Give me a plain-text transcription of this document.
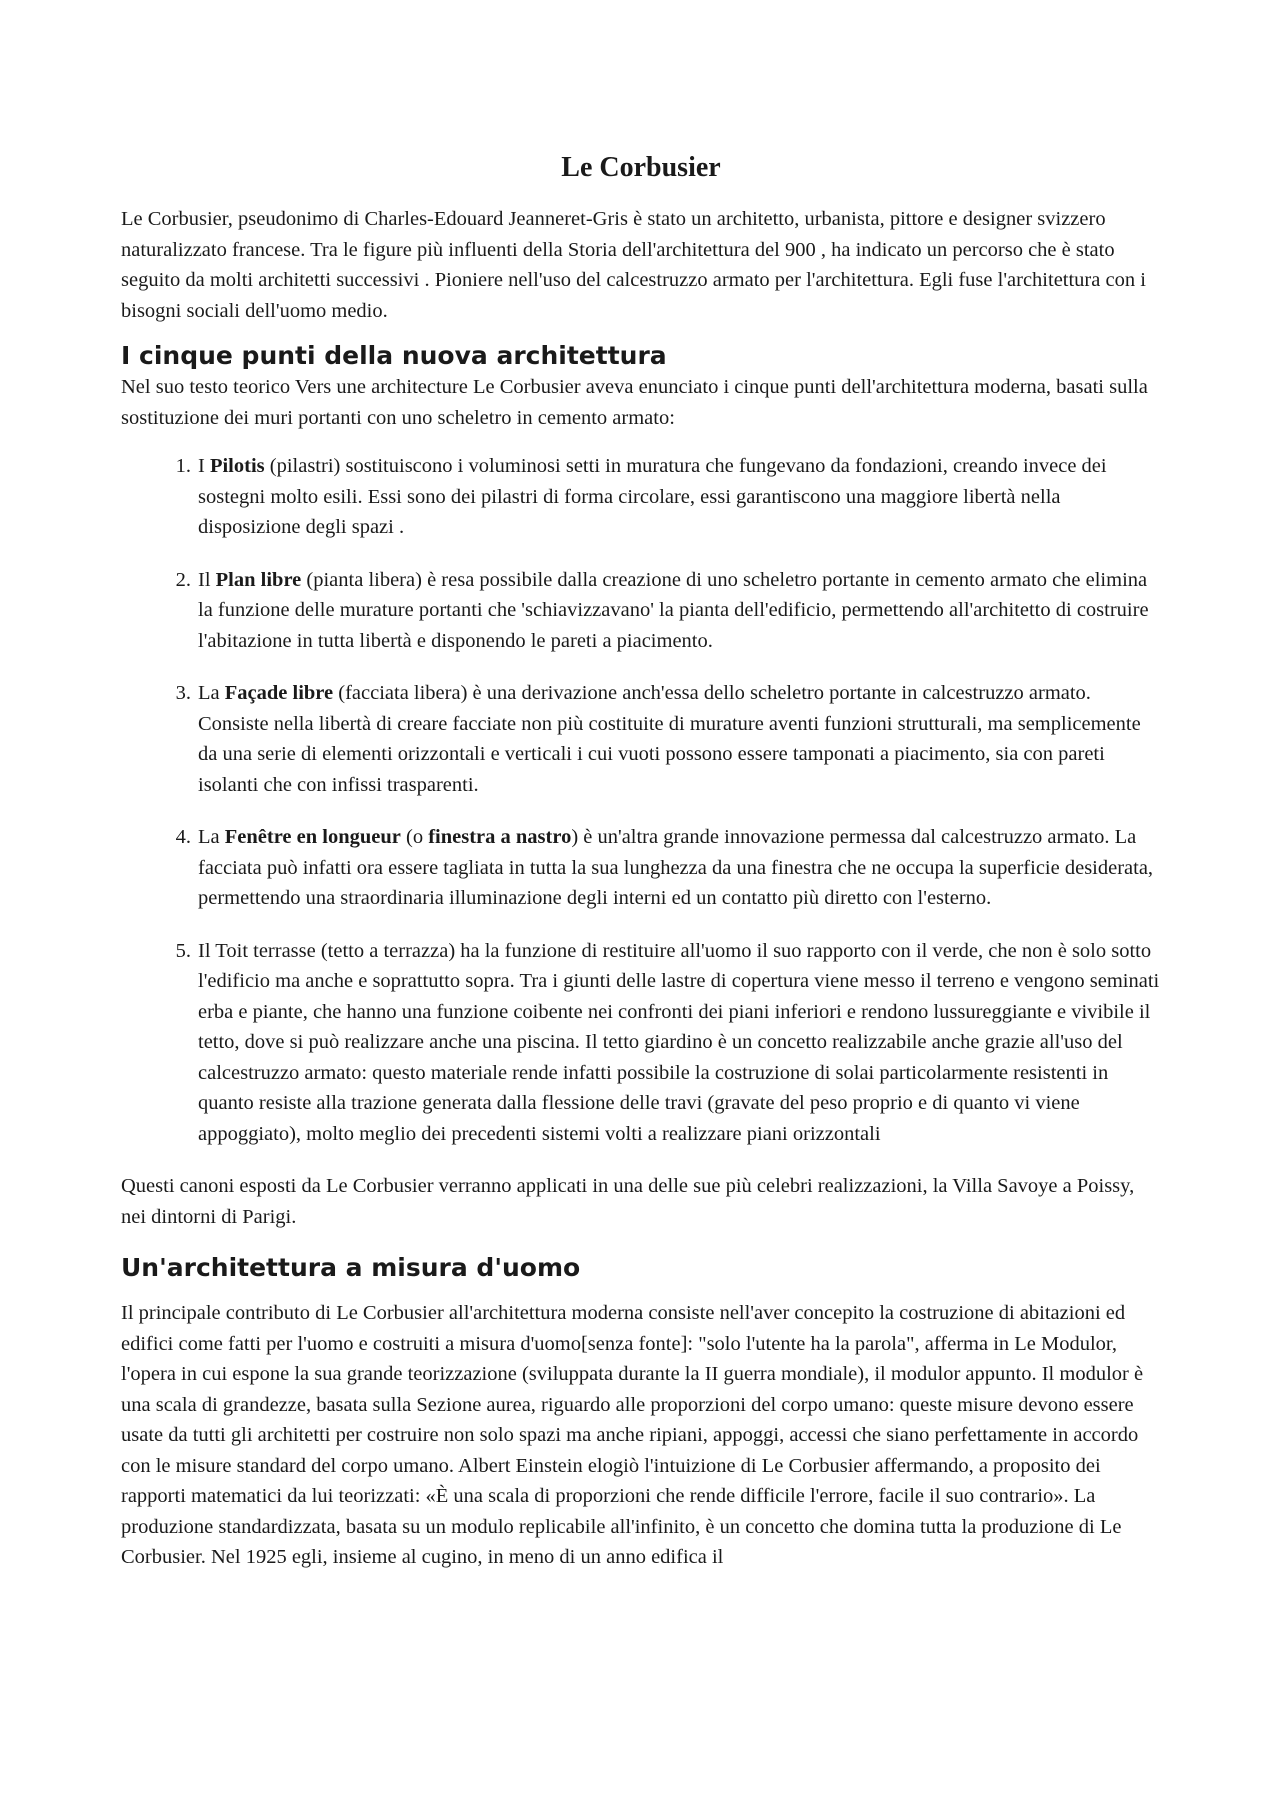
Le Corbusier

Le Corbusier, pseudonimo di Charles-Edouard Jeanneret-Gris è stato un architetto, urbanista, pittore e designer svizzero naturalizzato francese. Tra le figure più influenti della Storia dell'architettura del 900 , ha indicato un percorso che è stato seguito da molti architetti successivi . Pioniere nell'uso del calcestruzzo armato per l'architettura. Egli fuse l'architettura con i bisogni sociali dell'uomo medio.

I cinque punti della nuova architettura

Nel suo testo teorico Vers une architecture Le Corbusier aveva enunciato i cinque punti dell'architettura moderna, basati sulla sostituzione dei muri portanti con uno scheletro in cemento armato:

1. I Pilotis (pilastri) sostituiscono i voluminosi setti in muratura che fungevano da fondazioni, creando invece dei sostegni molto esili. Essi sono dei pilastri di forma circolare, essi garantiscono una maggiore libertà nella disposizione degli spazi .
2. Il Plan libre (pianta libera) è resa possibile dalla creazione di uno scheletro portante in cemento armato che elimina la funzione delle murature portanti che 'schiavizzavano' la pianta dell'edificio, permettendo all'architetto di costruire l'abitazione in tutta libertà e disponendo le pareti a piacimento.
3. La Façade libre (facciata libera) è una derivazione anch'essa dello scheletro portante in calcestruzzo armato. Consiste nella libertà di creare facciate non più costituite di murature aventi funzioni strutturali, ma semplicemente da una serie di elementi orizzontali e verticali i cui vuoti possono essere tamponati a piacimento, sia con pareti isolanti che con infissi trasparenti.
4. La Fenêtre en longueur (o finestra a nastro) è un'altra grande innovazione permessa dal calcestruzzo armato. La facciata può infatti ora essere tagliata in tutta la sua lunghezza da una finestra che ne occupa la superficie desiderata, permettendo una straordinaria illuminazione degli interni ed un contatto più diretto con l'esterno.
5. Il Toit terrasse (tetto a terrazza) ha la funzione di restituire all'uomo il suo rapporto con il verde, che non è solo sotto l'edificio ma anche e soprattutto sopra. Tra i giunti delle lastre di copertura viene messo il terreno e vengono seminati erba e piante, che hanno una funzione coibente nei confronti dei piani inferiori e rendono lussureggiante e vivibile il tetto, dove si può realizzare anche una piscina. Il tetto giardino è un concetto realizzabile anche grazie all'uso del calcestruzzo armato: questo materiale rende infatti possibile la costruzione di solai particolarmente resistenti in quanto resiste alla trazione generata dalla flessione delle travi (gravate del peso proprio e di quanto vi viene appoggiato), molto meglio dei precedenti sistemi volti a realizzare piani orizzontali

Questi canoni esposti da Le Corbusier verranno applicati in una delle sue più celebri realizzazioni, la Villa Savoye a Poissy, nei dintorni di Parigi.

Un'architettura a misura d'uomo

Il principale contributo di Le Corbusier all'architettura moderna consiste nell'aver concepito la costruzione di abitazioni ed edifici come fatti per l'uomo e costruiti a misura d'uomo[senza fonte]: "solo l'utente ha la parola", afferma in Le Modulor, l'opera in cui espone la sua grande teorizzazione (sviluppata durante la II guerra mondiale), il modulor appunto. Il modulor è una scala di grandezze, basata sulla Sezione aurea, riguardo alle proporzioni del corpo umano: queste misure devono essere usate da tutti gli architetti per costruire non solo spazi ma anche ripiani, appoggi, accessi che siano perfettamente in accordo con le misure standard del corpo umano. Albert Einstein elogiò l'intuizione di Le Corbusier affermando, a proposito dei rapporti matematici da lui teorizzati: «È una scala di proporzioni che rende difficile l'errore, facile il suo contrario». La produzione standardizzata, basata su un modulo replicabile all'infinito, è un concetto che domina tutta la produzione di Le Corbusier. Nel 1925 egli, insieme al cugino, in meno di un anno edifica il
